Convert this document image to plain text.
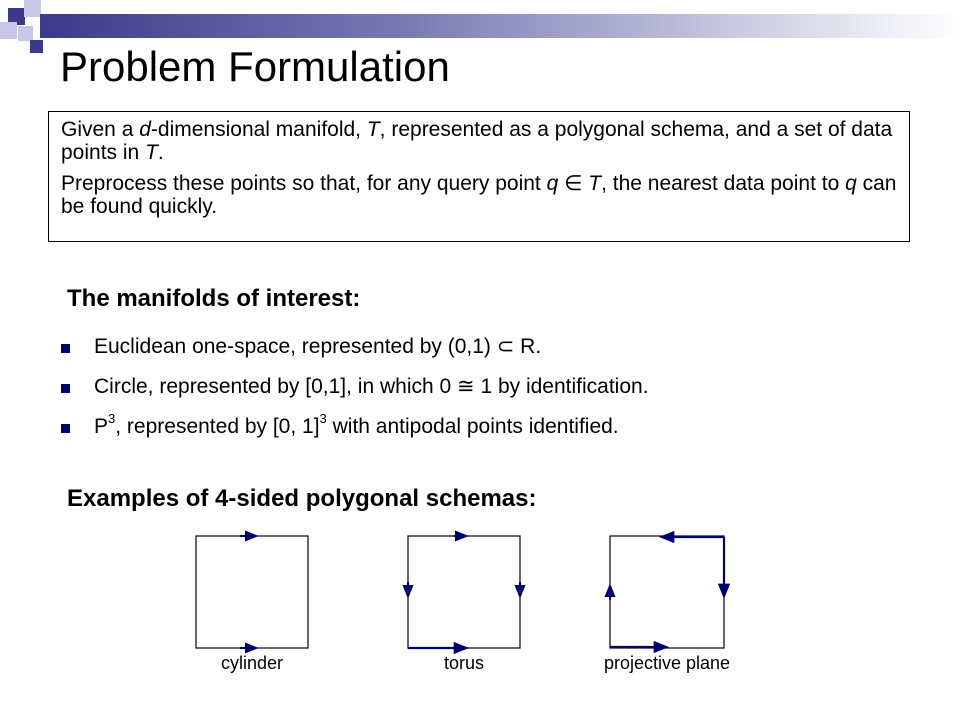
Problem Formulation

Given a d-dimensional manifold, T, represented as a polygonal schema, and a set of data points in T.

Preprocess these points so that, for any query point q ∈ T, the nearest data point to q can be found quickly.

The manifolds of interest:
Euclidean one-space, represented by (0,1) ⊂ R.
Circle, represented by [0,1], in which 0 ≅ 1 by identification.
$P^3$, represented by [0, 1]$^3$ with antipodal points identified.
Examples of 4-sided polygonal schemas:
cylinder	torus	projective plane
